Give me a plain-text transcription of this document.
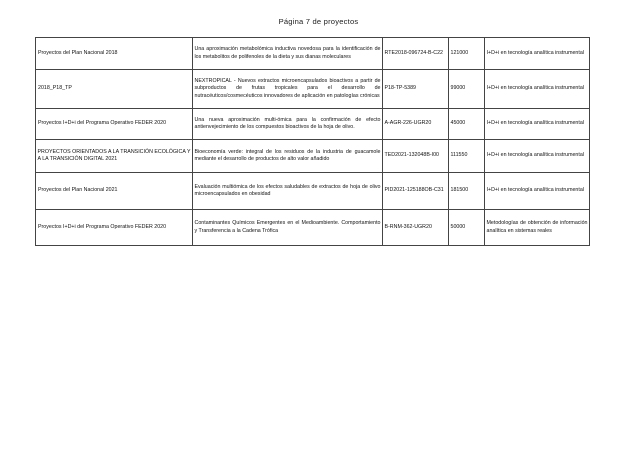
Página 7 de proyectos
Proyectos del Plan Nacional 2018	Una aproximación metabolómica inductiva novedosa para la identificación de los metabolitos de polifenoles de la dieta y sus dianas moleculares	RTE2018-096724-B-C22	121000	I+D+i en tecnología analítica instrumental
2018_P18_TP	NEXTROPICAL - Nuevos extractos microencapsulados bioactivos a partir de subproductos de frutas tropicales para el desarrollo de nutracéuticos/cosmecéuticos innovadores de aplicación en patologías crónicas	P18-TP-5389	99000	I+D+i en tecnología analítica instrumental
Proyectos I+D+i del Programa Operativo FEDER 2020	Una nueva aproximación multi-ómica para la confirmación de efecto antienvejecimiento de los compuestos bioactivos de la hoja de olivo.	A-AGR-226-UGR20	45000	I+D+i en tecnología analítica instrumental
PROYECTOS ORIENTADOS A LA TRANSICIÓN ECOLÓGICA Y A LA TRANSICIÓN DIGITAL 2021	Bioeconomía verde: integral de los residuos de la industria de guacamole mediante el desarrollo de productos de alto valor añadido	TED2021-132048B-I00	111550	I+D+i en tecnología analítica instrumental
Proyectos del Plan Nacional 2021	Evaluación multiómica de los efectos saludables de extractos de hoja de olivo microencapsulados en obesidad	PID2021-125188OB-C31	181500	I+D+i en tecnología analítica instrumental
Proyectos I+D+i del Programa Operativo FEDER 2020	Contaminantes Químicos Emergentes en el Medioambiente. Comportamiento y Transferencia a la Cadena Trófica	B-RNM-362-UGR20	50000	Metodologías de obtención de información analítica en sistemas reales
